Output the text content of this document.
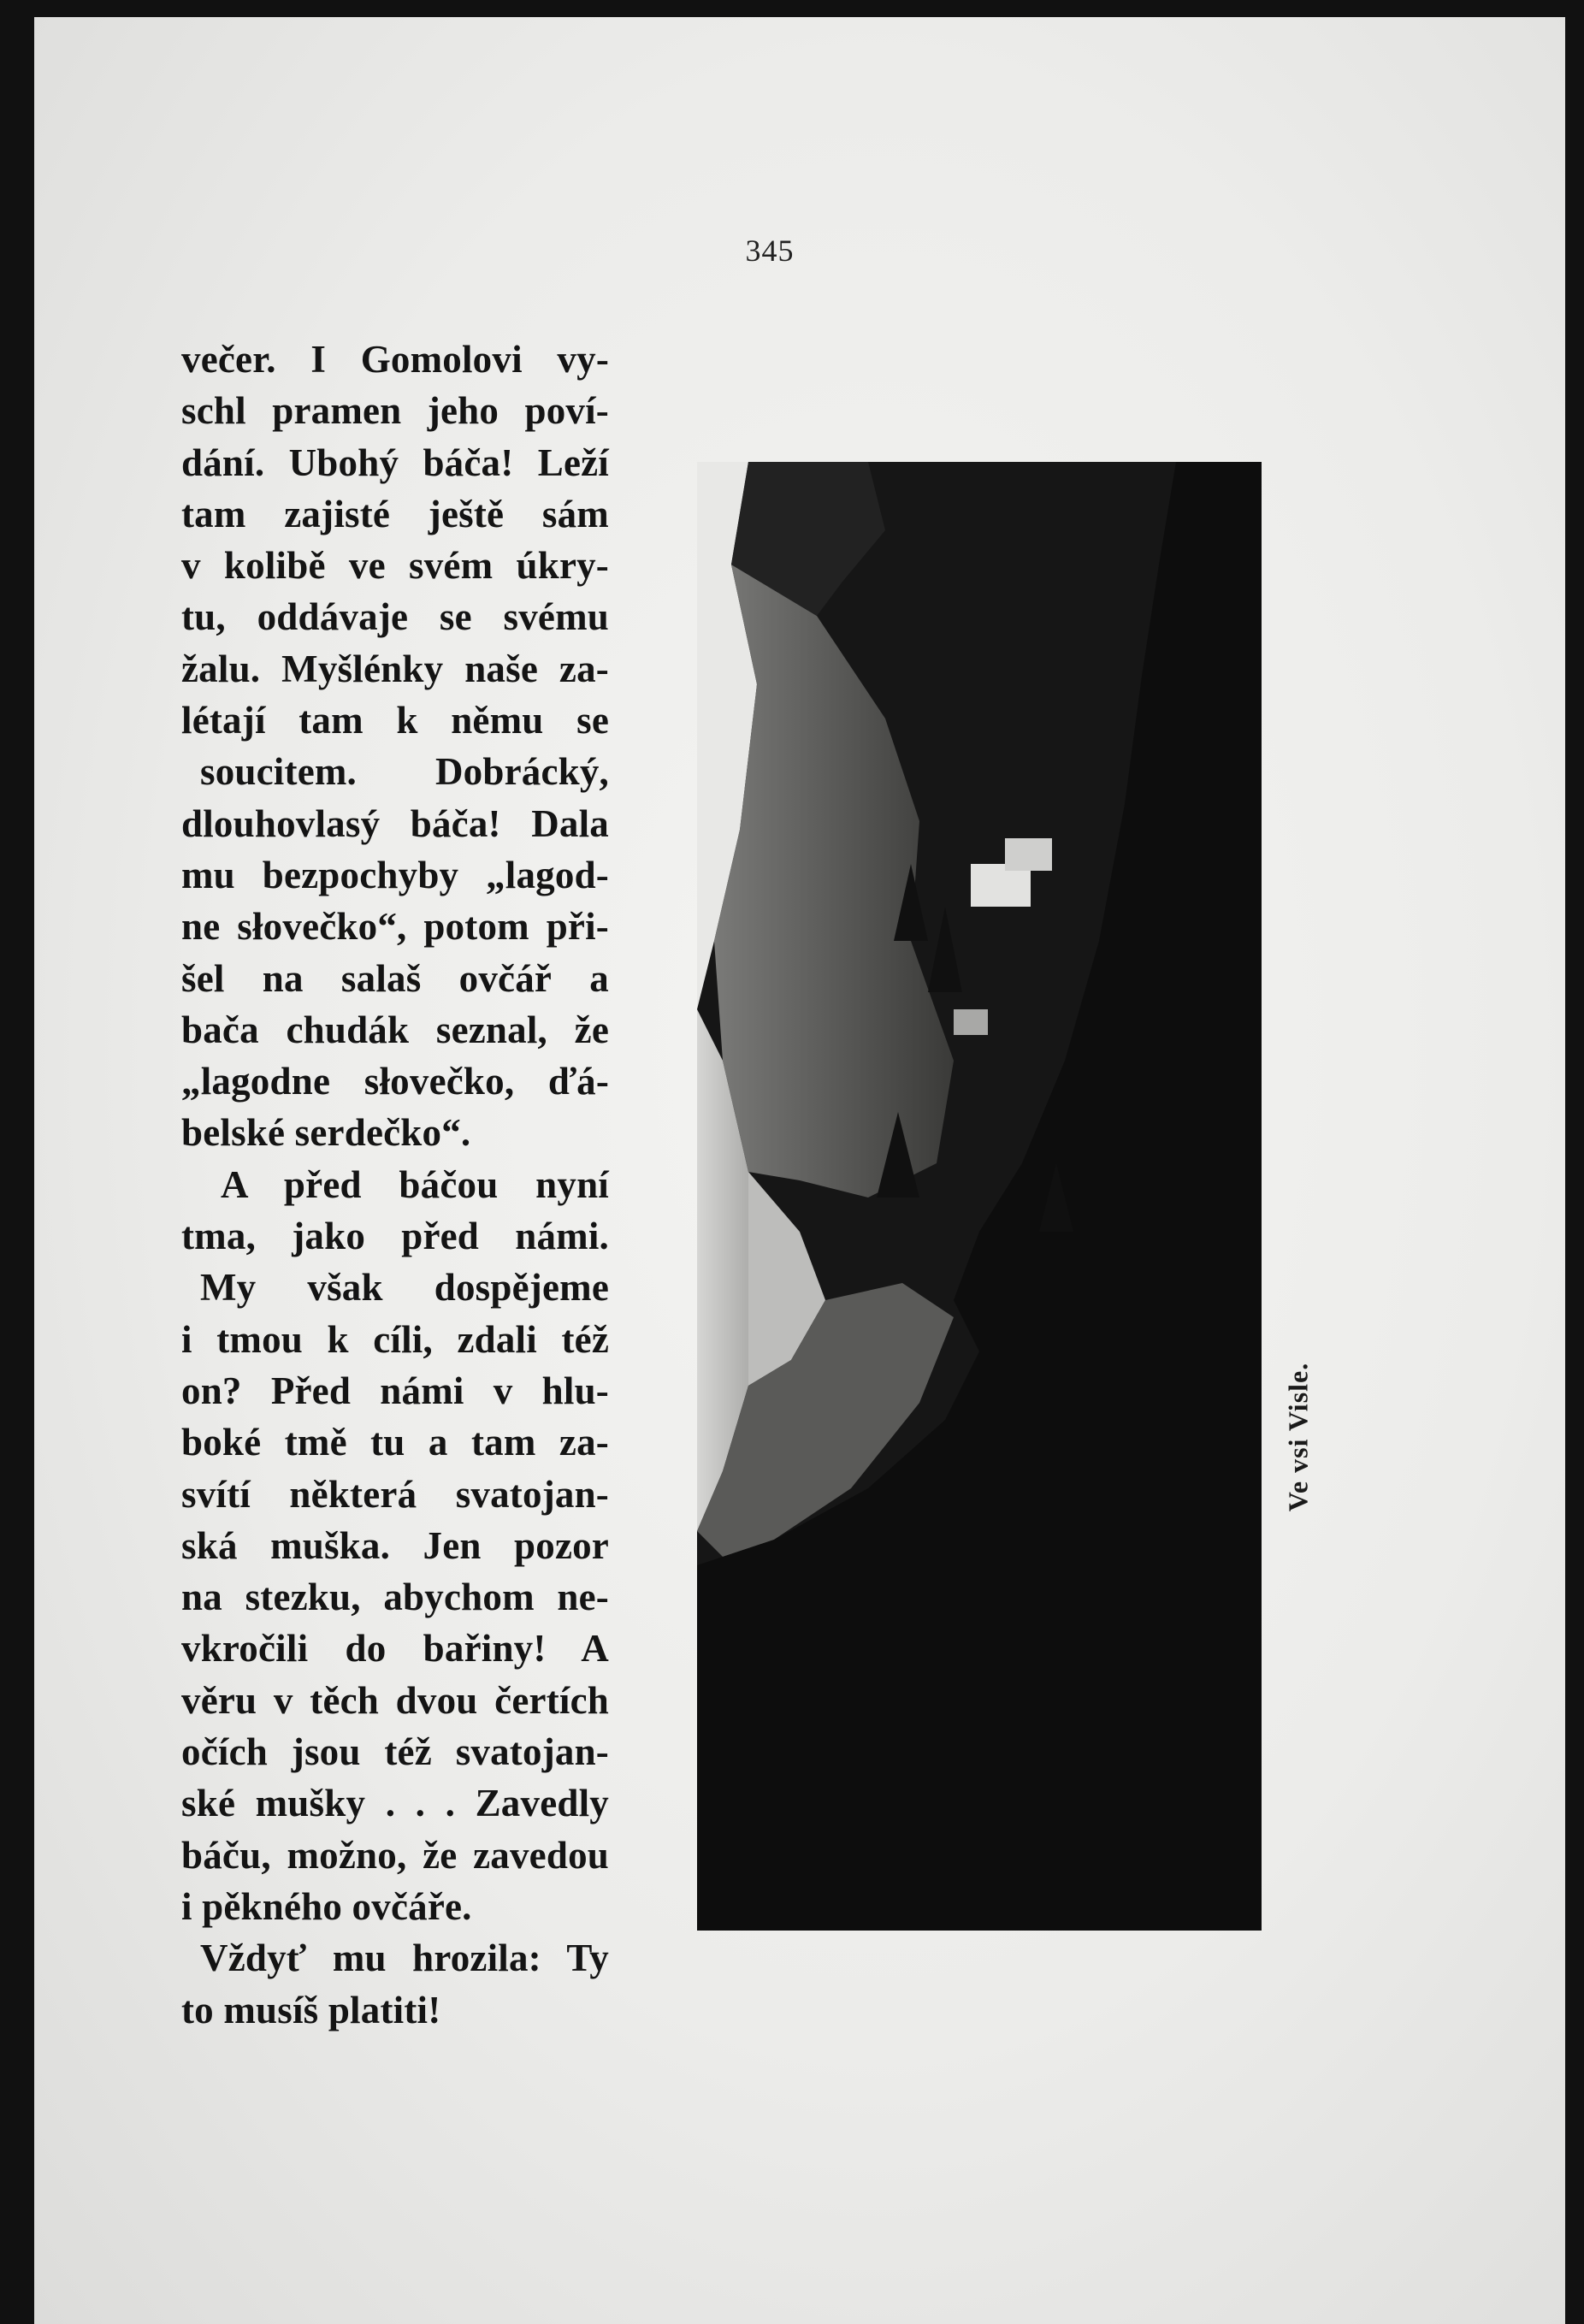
345
večer. I Gomolovi vy-
schl pramen jeho poví-
dání. Ubohý báča! Leží
tam zajisté ještě sám
v kolibě ve svém úkry-
tu, oddávaje se svému
žalu. Myšlénky naše za-
létají tam k němu se
soucitem. Dobrácký,
dlouhovlasý báča! Dala
mu bezpochyby „lagod-
ne słovečko“, potom při-
šel na salaš ovčář a
bača chudák seznal, že
„lagodne słovečko, ďá-
belské serdečko“.
A před báčou nyní
tma, jako před námi.
My však dospějeme
i tmou k cíli, zdali též
on? Před námi v hlu-
boké tmě tu a tam za-
svítí některá svatojan-
ská muška. Jen pozor
na stezku, abychom ne-
vkročili do bařiny! A
věru v těch dvou čertích
očích jsou též svatojan-
ské mušky . . . Zavedly
báču, možno, že zavedou
i pěkného ovčáře.
Vždyť mu hrozila: Ty
to musíš platiti!
Ve vsi Visle.
